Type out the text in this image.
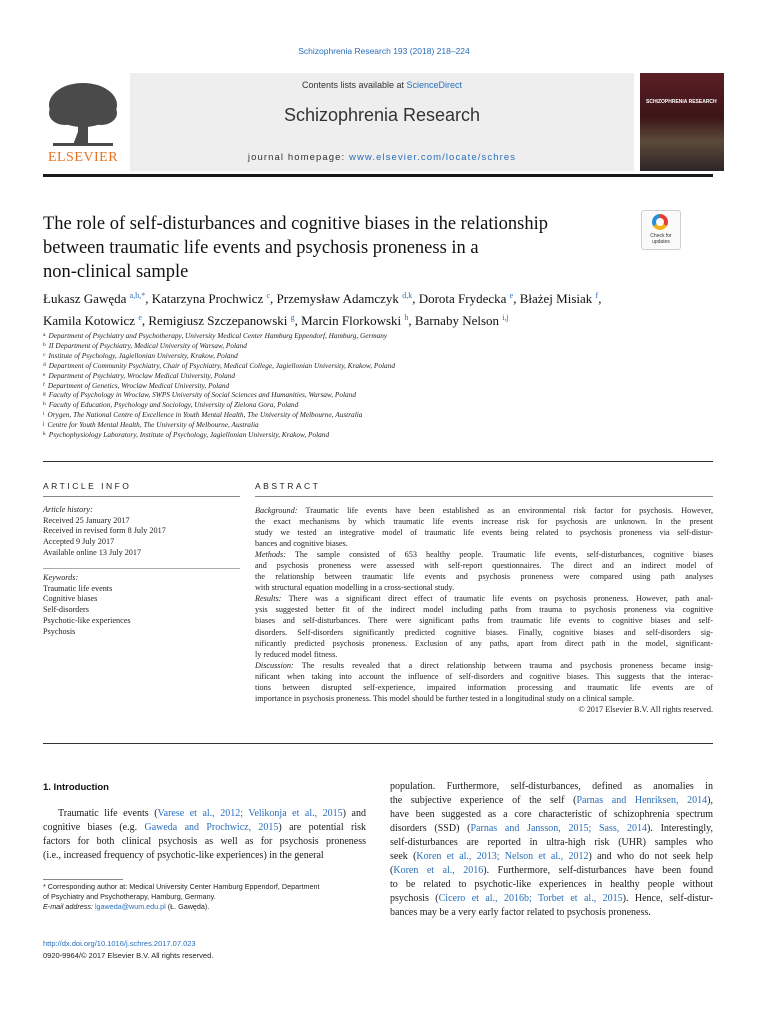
Schizophrenia Research 193 (2018) 218–224
ELSEVIER
Contents lists available at ScienceDirect
Schizophrenia Research
journal homepage: www.elsevier.com/locate/schres
SCHIZOPHRENIA RESEARCH
The role of self-disturbances and cognitive biases in the relationship
between traumatic life events and psychosis proneness in a
non-clinical sample
Check for
updates
Łukasz Gawęda $^{a,b,*}$, Katarzyna Prochwicz $^c$, Przemysław Adamczyk $^{d,k}$, Dorota Frydecka $^e$, Błażej Misiak $^f$,
Kamila Kotowicz $^e$, Remigiusz Szczepanowski $^g$, Marcin Florkowski $^h$, Barnaby Nelson $^{i,j}$
$^a$ Department of Psychiatry and Psychotherapy, University Medical Center Hamburg Eppendorf, Hamburg, Germany
$^b$ II Department of Psychiatry, Medical University of Warsaw, Poland
$^c$ Institute of Psychology, Jagiellonian University, Krakow, Poland
$^d$ Department of Community Psychiatry, Chair of Psychiatry, Medical College, Jagiellonian University, Krakow, Poland
$^e$ Department of Psychiatry, Wroclaw Medical University, Poland
$^f$ Department of Genetics, Wroclaw Medical University, Poland
$^g$ Faculty of Psychology in Wroclaw, SWPS University of Social Sciences and Humanities, Warsaw, Poland
$^h$ Faculty of Education, Psychology and Sociology, University of Zielona Gora, Poland
$^i$ Orygen, The National Centre of Excellence in Youth Mental Health, The University of Melbourne, Australia
$^j$ Centre for Youth Mental Health, The University of Melbourne, Australia
$^k$ Psychophysiology Laboratory, Institute of Psychology, Jagiellonian University, Krakow, Poland
ARTICLE INFO
Article history:
Received 25 January 2017
Received in revised form 8 July 2017
Accepted 9 July 2017
Available online 13 July 2017
Keywords:
Traumatic life events
Cognitive biases
Self-disorders
Psychotic-like experiences
Psychosis
ABSTRACT
Background: Traumatic life events have been established as an environmental risk factor for psychosis. However,
the exact mechanisms by which traumatic life events increase risk for psychosis are unknown. In the present
study we tested an integrative model of traumatic life events being related to psychosis proneness via self-distur-
bances and cognitive biases.
Methods: The sample consisted of 653 healthy people. Traumatic life events, self-disturbances, cognitive biases
and psychosis proneness were assessed with self-report questionnaires. The direct and an indirect model of
the relationship between traumatic life events and psychosis proneness were compared using path analyses
with structural equation modelling in a cross-sectional study.
Results: There was a significant direct effect of traumatic life events on psychosis proneness. However, path anal-
ysis suggested better fit of the indirect model including paths from trauma to psychosis proneness via cognitive
biases and self-disturbances. There were significant paths from traumatic life events to cognitive biases and self-
disorders. Self-disorders significantly predicted cognitive biases. Finally, cognitive biases and self-disorders sig-
nificantly predicted psychosis proneness. Exclusion of any paths, apart from direct path in the model, significant-
ly reduced model fitness.
Discussion: The results revealed that a direct relationship between trauma and psychosis proneness became insig-
nificant when taking into account the influence of self-disorders and cognitive biases. This suggests that the interac-
tions between disrupted self-experience, impaired information processing and traumatic life events are of
importance in psychosis proneness. This model should be further tested in a longitudinal study on a clinical sample.
© 2017 Elsevier B.V. All rights reserved.
1. Introduction
Traumatic life events (Varese et al., 2012; Velikonja et al., 2015) and
cognitive biases (e.g. Gaweda and Prochwicz, 2015) are potential risk
factors for both clinical psychosis as well as for psychosis proneness
(i.e., increased frequency of psychotic-like experiences) in the general
population. Furthermore, self-disturbances, defined as anomalies in
the subjective experience of the self (Parnas and Henriksen, 2014),
have been suggested as a core characteristic of schizophrenia spectrum
disorders (SSD) (Parnas and Jansson, 2015; Sass, 2014). Interestingly,
self-disturbances are reported in ultra-high risk (UHR) samples who
seek (Koren et al., 2013; Nelson et al., 2012) and who do not seek help
(Koren et al., 2016). Furthermore, self-disturbances have been found
to be related to psychotic-like experiences in healthy people without
psychosis (Cicero et al., 2016b; Torbet et al., 2015). Hence, self-distur-
bances may be a very early factor related to psychosis proneness.
* Corresponding author at: Medical University Center Hamburg Eppendorf, Department
of Psychiatry and Psychotherapy, Hamburg, Germany.
E-mail address: lgaweda@wum.edu.pl (Ł. Gawęda).
http://dx.doi.org/10.1016/j.schres.2017.07.023
0920-9964/© 2017 Elsevier B.V. All rights reserved.
